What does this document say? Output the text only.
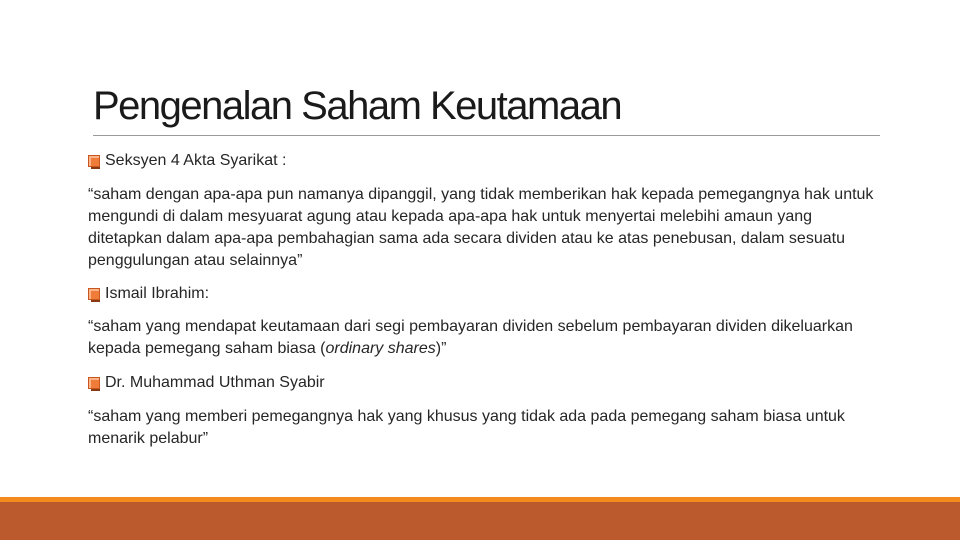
Pengenalan Saham Keutamaan
Seksyen 4 Akta Syarikat :

“saham dengan apa-apa pun namanya dipanggil, yang tidak memberikan hak kepada pemegangnya hak untuk mengundi di dalam mesyuarat agung atau kepada apa-apa hak untuk menyertai melebihi amaun yang ditetapkan dalam apa-apa pembahagian sama ada secara dividen atau ke atas penebusan, dalam sesuatu penggulungan atau selainnya”

Ismail Ibrahim:

“saham yang mendapat keutamaan dari segi pembayaran dividen sebelum pembayaran dividen dikeluarkan kepada pemegang saham biasa (ordinary shares)”

Dr. Muhammad Uthman Syabir

“saham yang memberi pemegangnya hak yang khusus yang tidak ada pada pemegang saham biasa untuk menarik pelabur”
